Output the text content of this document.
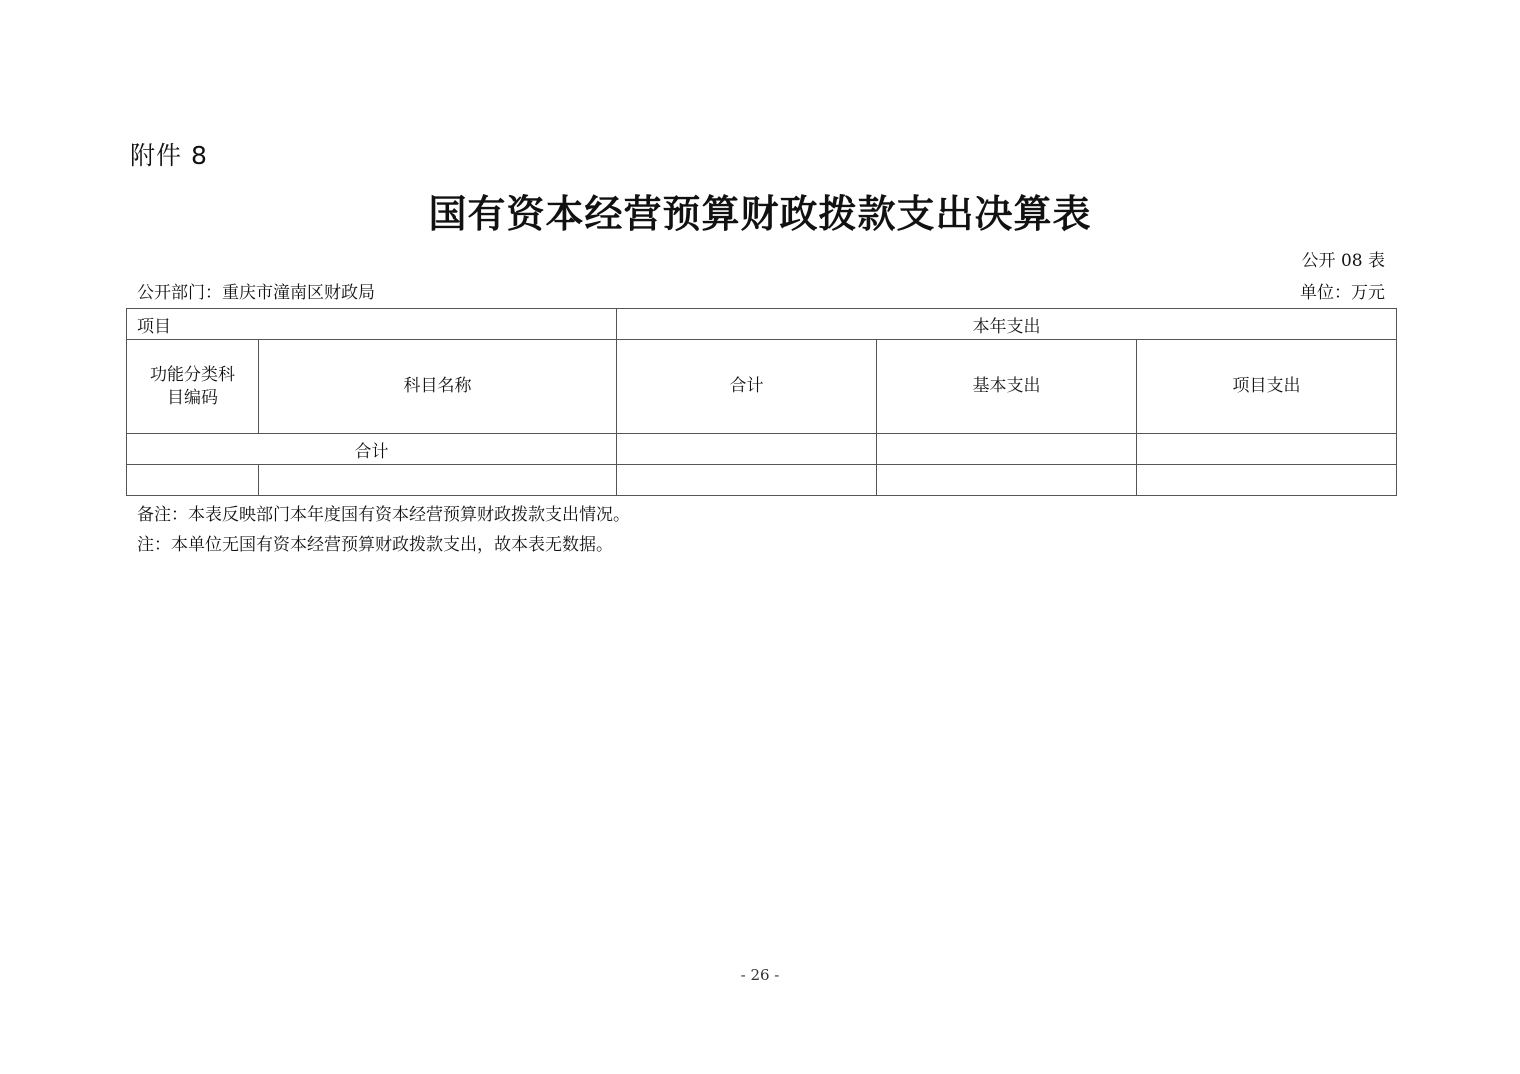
附件 8
国有资本经营预算财政拨款支出决算表
公开 08 表
公开部门：重庆市潼南区财政局	单位：万元
项目		本年支出		

功能分类科目编码	科目名称	合计	基本支出	项目支出
合计				

备注：本表反映部门本年度国有资本经营预算财政拨款支出情况。
注：本单位无国有资本经营预算财政拨款支出，故本表无数据。
- 26 -
